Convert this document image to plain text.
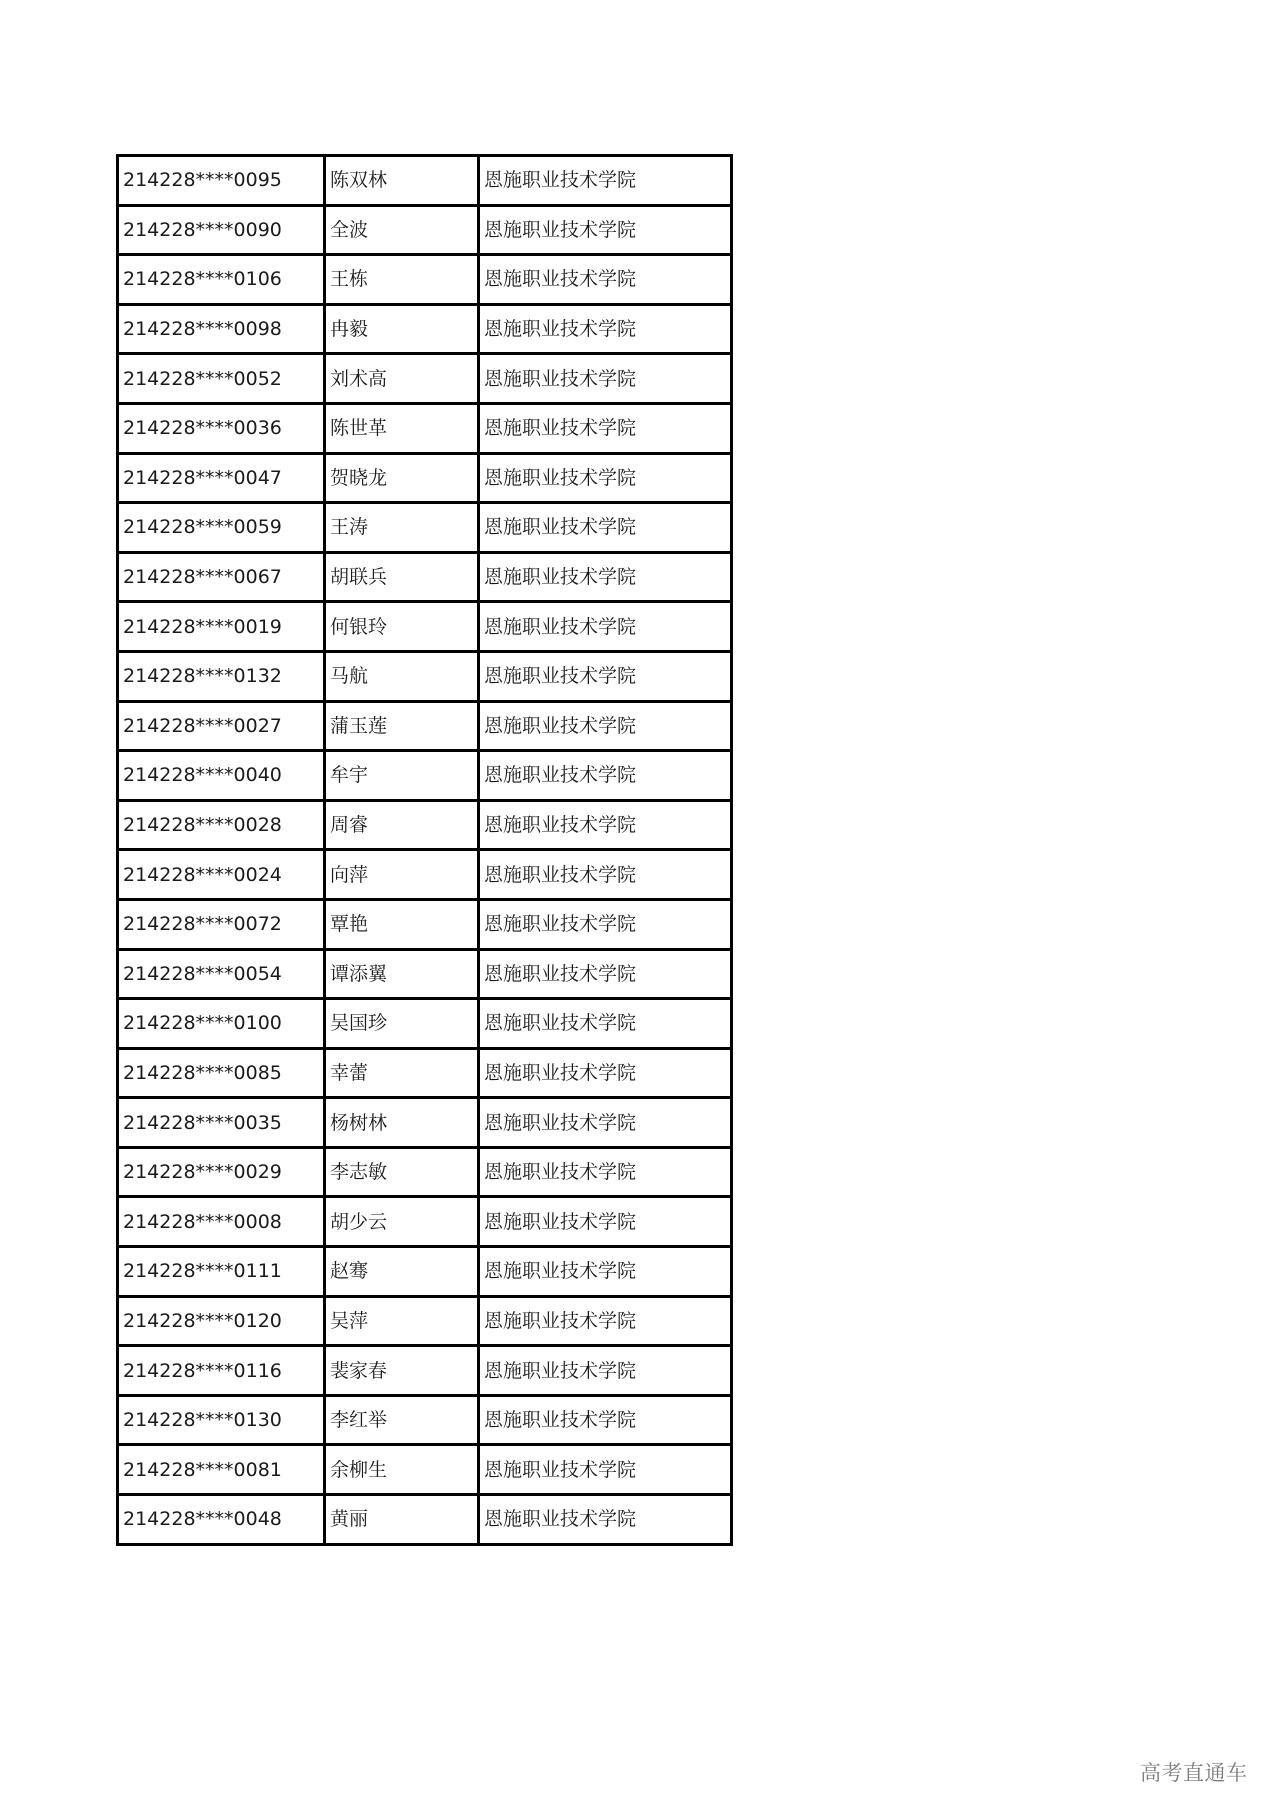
214228****0095	陈双林	恩施职业技术学院
214228****0090	全波	恩施职业技术学院
214228****0106	王栋	恩施职业技术学院
214228****0098	冉毅	恩施职业技术学院
214228****0052	刘术高	恩施职业技术学院
214228****0036	陈世革	恩施职业技术学院
214228****0047	贺晓龙	恩施职业技术学院
214228****0059	王涛	恩施职业技术学院
214228****0067	胡联兵	恩施职业技术学院
214228****0019	何银玲	恩施职业技术学院
214228****0132	马航	恩施职业技术学院
214228****0027	蒲玉莲	恩施职业技术学院
214228****0040	牟宇	恩施职业技术学院
214228****0028	周睿	恩施职业技术学院
214228****0024	向萍	恩施职业技术学院
214228****0072	覃艳	恩施职业技术学院
214228****0054	谭添翼	恩施职业技术学院
214228****0100	吴国珍	恩施职业技术学院
214228****0085	幸蕾	恩施职业技术学院
214228****0035	杨树林	恩施职业技术学院
214228****0029	李志敏	恩施职业技术学院
214228****0008	胡少云	恩施职业技术学院
214228****0111	赵骞	恩施职业技术学院
214228****0120	吴萍	恩施职业技术学院
214228****0116	裴家春	恩施职业技术学院
214228****0130	李红举	恩施职业技术学院
214228****0081	余柳生	恩施职业技术学院
214228****0048	黄丽	恩施职业技术学院
高考直通车
